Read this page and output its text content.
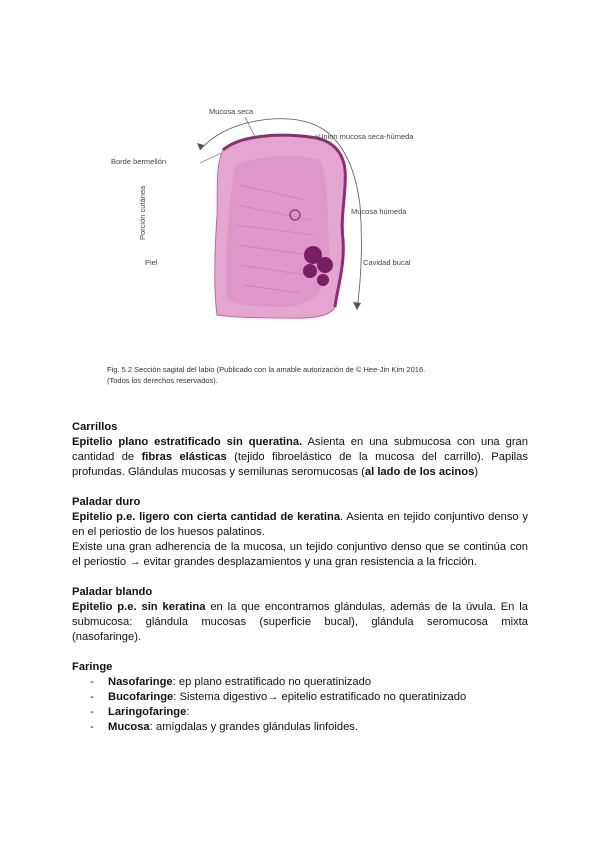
Mucosa seca
Union mucosa seca-húmeda
Borde bermellón
Mucosa húmeda
Piel	Cavidad bucal
Porción cutánea
Fig. 5.2 Sección sagital del labio (Publicado con la amable autorización de © Hee-Jin Kim 2016.
(Todos los derechos reservados).
Carrillos
Epitelio plano estratificado sin queratina. Asienta en una submucosa con una gran cantidad de fibras elásticas (tejido fibroelástico de la mucosa del carrillo). Papilas profundas. Glándulas mucosas y semilunas seromucosas (al lado de los acinos)
Paladar duro
Epitelio p.e. ligero con cierta cantidad de keratina. Asienta en tejido conjuntivo denso y en el periostio de los huesos palatinos.
Existe una gran adherencia de la mucosa, un tejido conjuntivo denso que se continúa con el periostio → evitar grandes desplazamientos y una gran resistencia a la fricción.
Paladar blando
Epitelio p.e. sin keratina en la que encontramos glándulas, además de la úvula. En la submucosa: glándula mucosas (superficie bucal), glándula seromucosa mixta (nasofaringe).
Faringe
- Nasofaringe: ep plano estratificado no queratinizado
- Bucofaringe: Sistema digestivo→ epitelio estratificado no queratinizado
- Laringofaringe:
- Mucosa: amígdalas y grandes glándulas linfoides.
